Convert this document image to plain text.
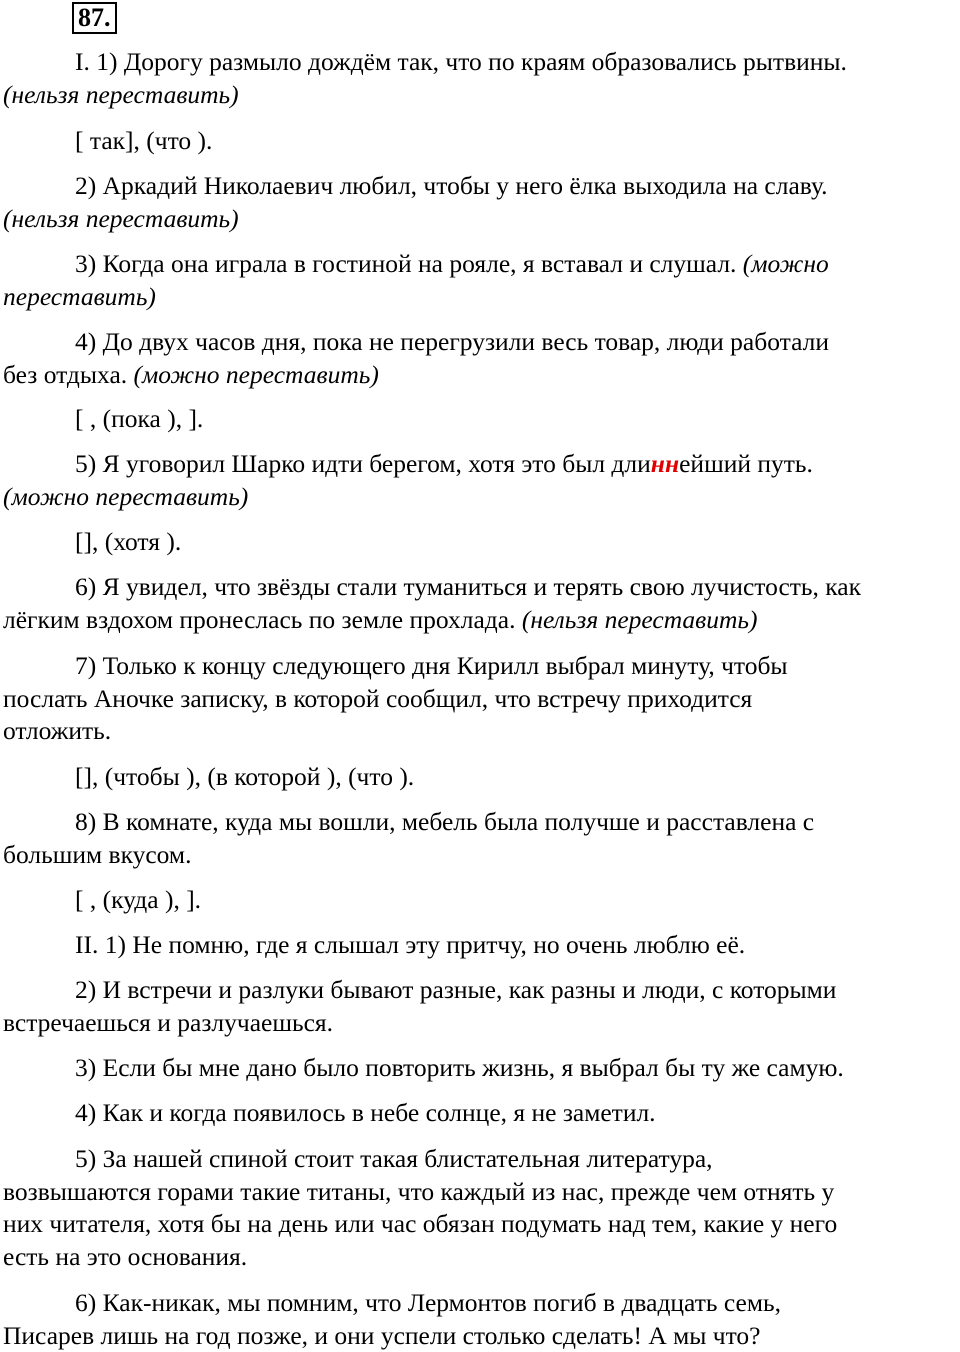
87.
I. 1) Дорогу размыло дождём так, что по краям образовались рытвины.
(нельзя переставить)
[ так], (что ).
2) Аркадий Николаевич любил, чтобы у него ёлка выходила на славу.
(нельзя переставить)
3) Когда она играла в гостиной на рояле, я вставал и слушал. (можно
переставить)
4) До двух часов дня, пока не перегрузили весь товар, люди работали
без отдыха. (можно переставить)
[ , (пока ), ].
5) Я уговорил Шарко идти берегом, хотя это был длиннейший путь.
(можно переставить)
[], (хотя ).
6) Я увидел, что звёзды стали туманиться и терять свою лучистость, как
лёгким вздохом пронеслась по земле прохлада. (нельзя переставить)
7) Только к концу следующего дня Кирилл выбрал минуту, чтобы
послать Аночке записку, в которой сообщил, что встречу приходится
отложить.
[], (чтобы ), (в которой ), (что ).
8) В комнате, куда мы вошли, мебель была получше и расставлена с
большим вкусом.
[ , (куда ), ].
II. 1) Не помню, где я слышал эту притчу, но очень люблю её.
2) И встречи и разлуки бывают разные, как разны и люди, с которыми
встречаешься и разлучаешься.
3) Если бы мне дано было повторить жизнь, я выбрал бы ту же самую.
4) Как и когда появилось в небе солнце, я не заметил.
5) За нашей спиной стоит такая блистательная литература,
возвышаются горами такие титаны, что каждый из нас, прежде чем отнять у
них читателя, хотя бы на день или час обязан подумать над тем, какие у него
есть на это основания.
6) Как-никак, мы помним, что Лермонтов погиб в двадцать семь,
Писарев лишь на год позже, и они успели столько сделать! А мы что?
